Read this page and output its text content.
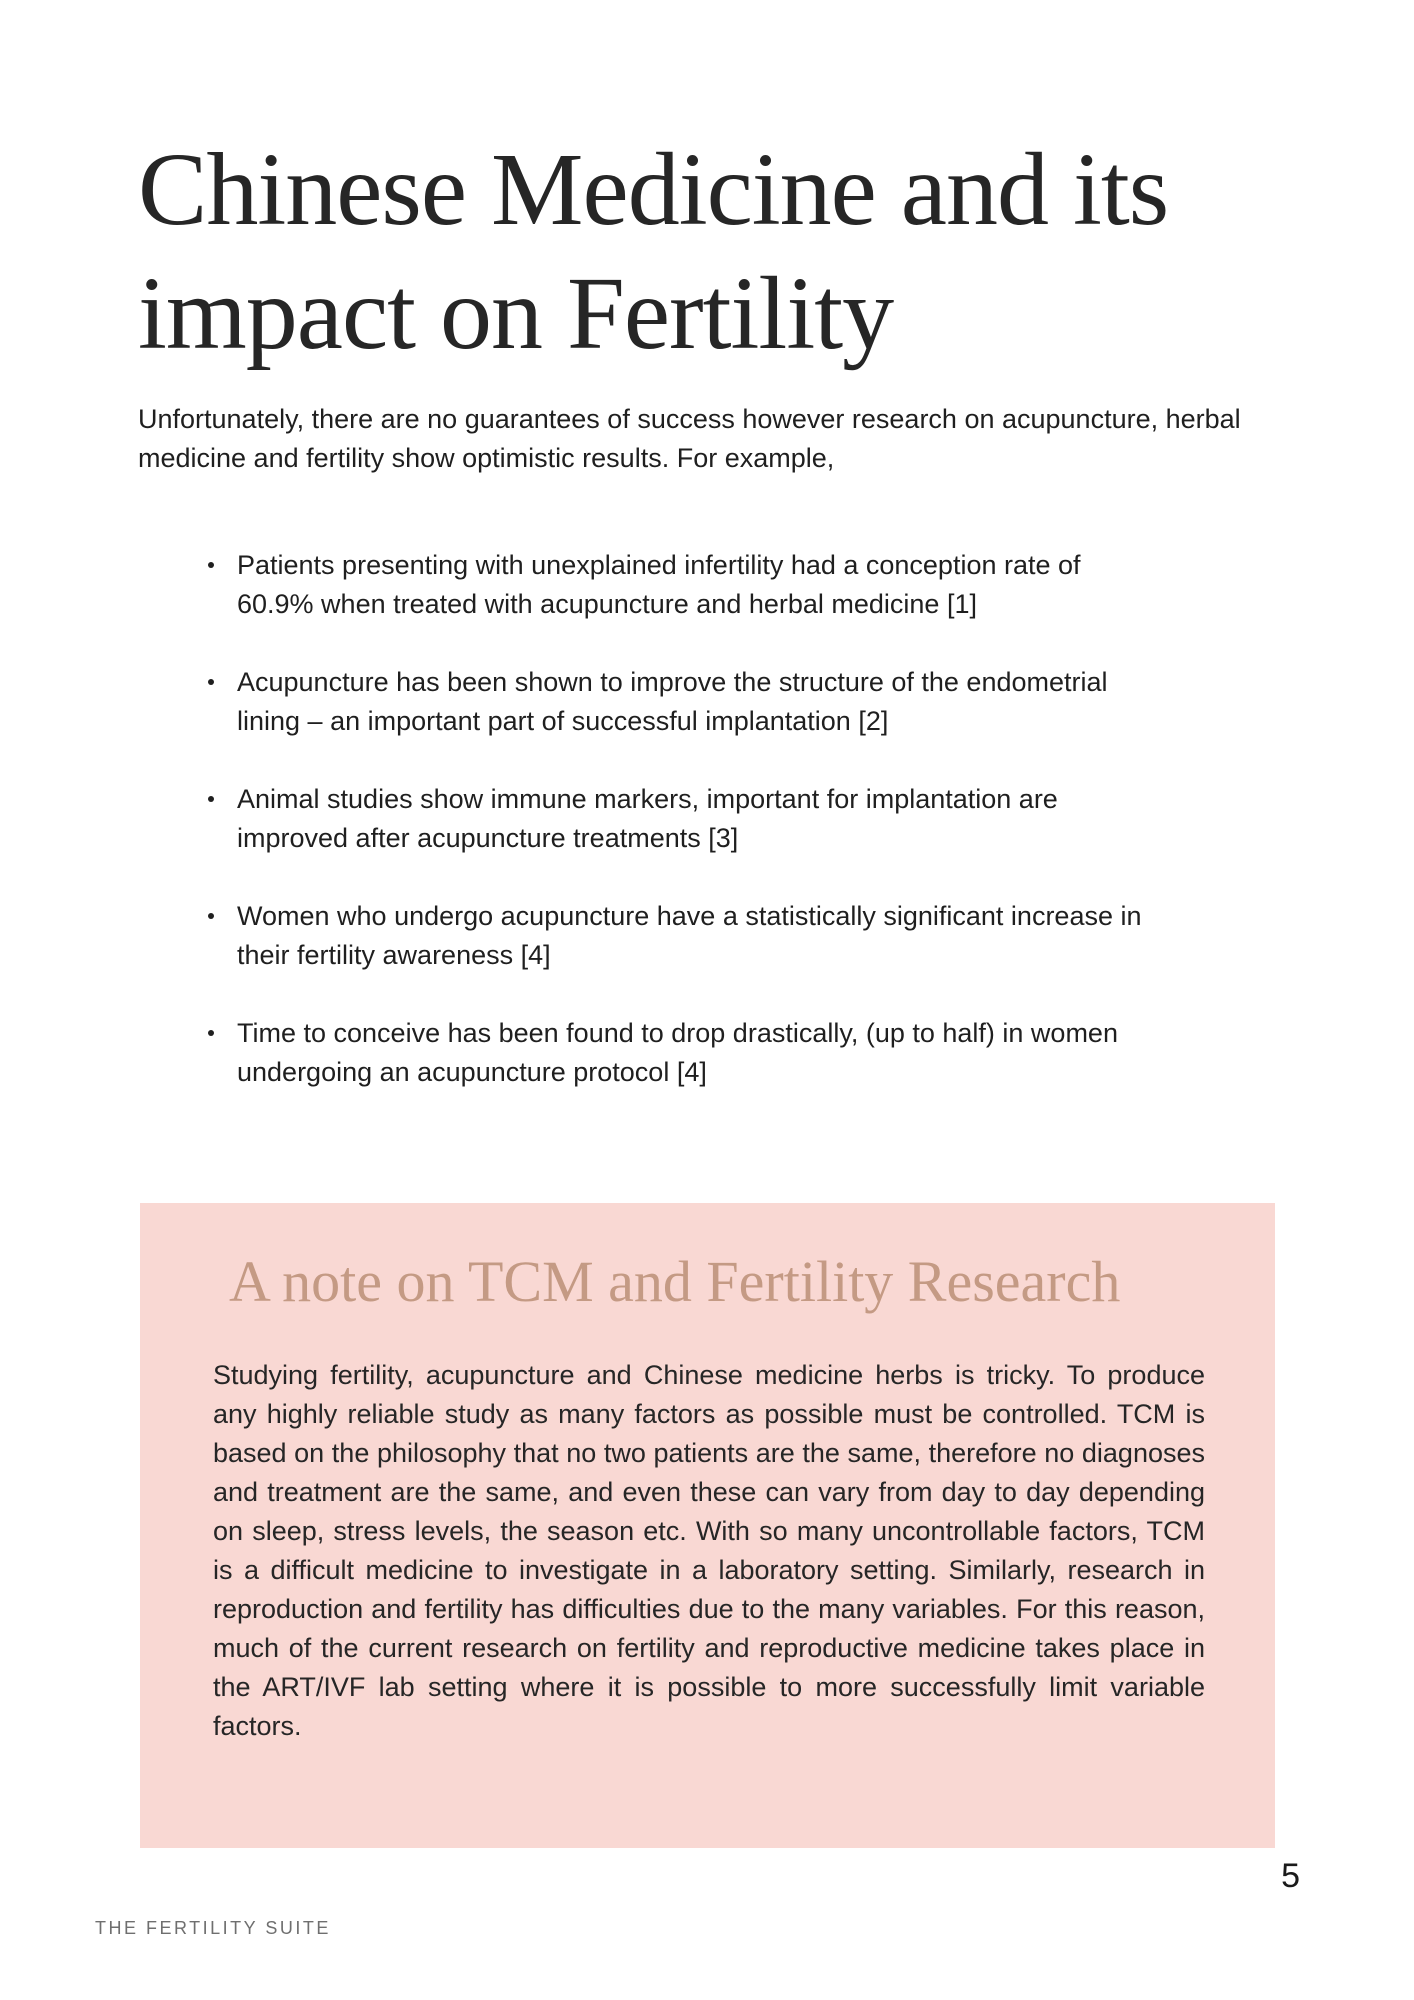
Chinese Medicine and its
impact on Fertility

Unfortunately, there are no guarantees of success however research on acupuncture, herbal medicine and fertility show optimistic results. For example,

Patients presenting with unexplained infertility had a conception rate of
60.9% when treated with acupuncture and herbal medicine [1]
Acupuncture has been shown to improve the structure of the endometrial
lining – an important part of successful implantation [2]
Animal studies show immune markers, important for implantation are
improved after acupuncture treatments [3]
Women who undergo acupuncture have a statistically significant increase in
their fertility awareness [4]
Time to conceive has been found to drop drastically, (up to half) in women
undergoing an acupuncture protocol [4]
A note on TCM and Fertility Research

Studying fertility, acupuncture and Chinese medicine herbs is tricky. To produce any highly reliable study as many factors as possible must be controlled. TCM is based on the philosophy that no two patients are the same, therefore no diagnoses and treatment are the same, and even these can vary from day to day depending on sleep, stress levels, the season etc. With so many uncontrollable factors, TCM is a difficult medicine to investigate in a laboratory setting. Similarly, research in reproduction and fertility has difficulties due to the many variables. For this reason, much of the current research on fertility and reproductive medicine takes place in the ART/IVF lab setting where it is possible to more successfully limit variable factors.

5
THE FERTILITY SUITE
